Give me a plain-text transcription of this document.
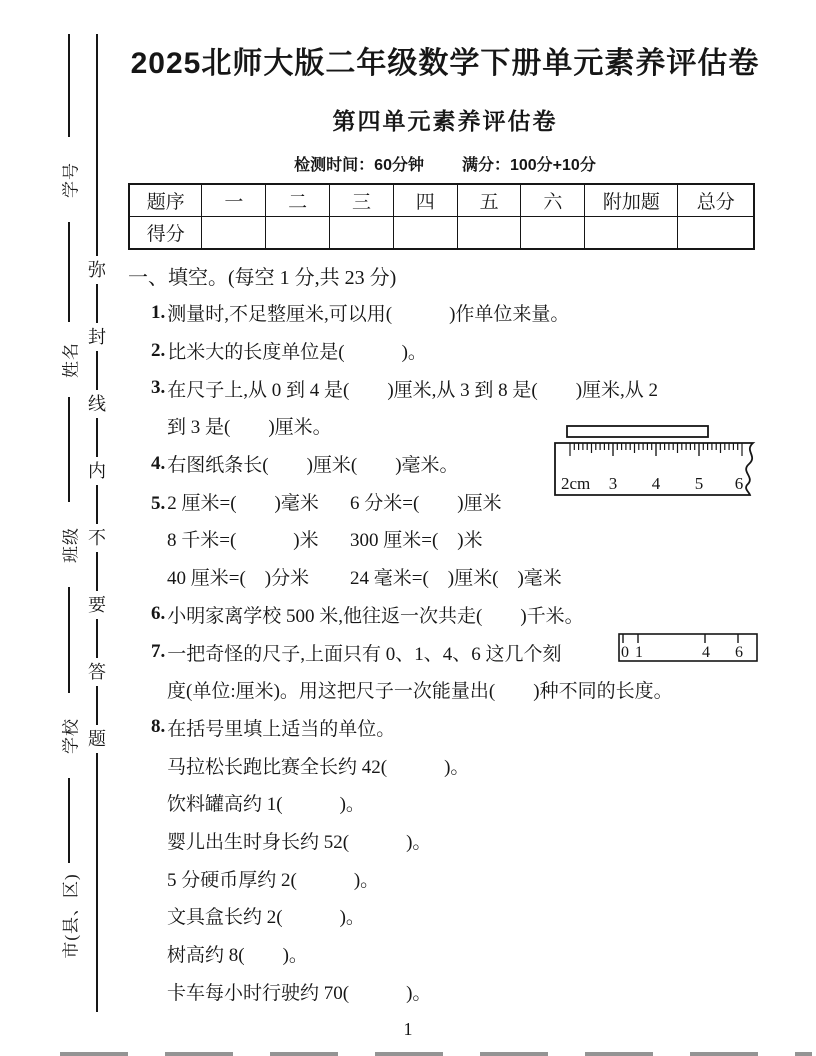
学号
姓名
班级
学校
市(县、区)
弥
封
线
内
不
要
答
题
2025北师大版二年级数学下册单元素养评估卷
第四单元素养评估卷
检测时间：60分钟 满分：100分+10分
题序	一	二	三	四	五	六	附加题	总分
得分								
一、填空。(每空 1 分,共 23 分)
1. 测量时,不足整厘米,可以用(　　　)作单位来量。
2. 比米大的长度单位是(　　　)。
3. 在尺子上,从 0 到 4 是(　　)厘米,从 3 到 8 是(　　)厘米,从 2
到 3 是(　　)厘米。
4. 右图纸条长(　　)厘米(　　)毫米。
5. 2 厘米=(　　)毫米	6 分米=(　　)厘米
8 千米=(　　　)米	300 厘米=(　)米
40 厘米=(　)分米	24 毫米=(　)厘米(　)毫米
6. 小明家离学校 500 米,他往返一次共走(　　)千米。
7. 一把奇怪的尺子,上面只有 0、1、4、6 这几个刻
度(单位:厘米)。用这把尺子一次能量出(　　)种不同的长度。
8. 在括号里填上适当的单位。
马拉松长跑比赛全长约 42(　　　)。
饮料罐高约 1(　　　)。
婴儿出生时身长约 52(　　　)。
5 分硬币厚约 2(　　　)。
文具盒长约 2(　　　)。
树高约 8(　　)。
卡车每小时行驶约 70(　　　)。
2cm 3 4 5 6
0 1	4 6
1
